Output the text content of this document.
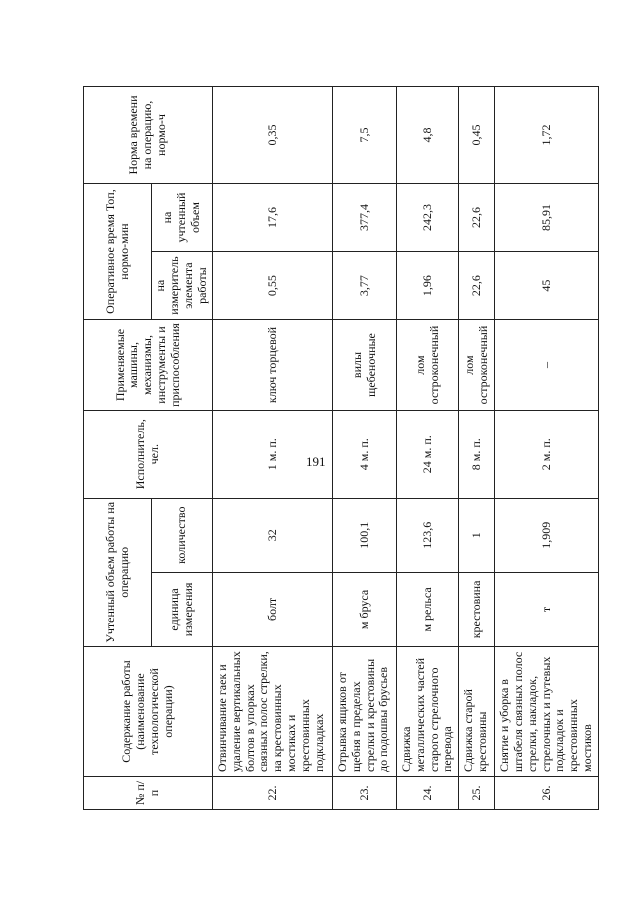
191
№ п/п	Содержание работы (наименование технологической операции)	Учтенный объем работы на операцию		Исполнитель, чел.	Применяемые машины, механизмы, инструменты и приспособления	Оперативное время Топ, нормо-мин		Норма времени на операцию, нормо-ч
		единица измерения	количество			на измеритель элемента работы	на учтенный объем	
22.	Отвинчивание гаек и удаление вертикальных болтов в упорках связных полос стрелки, на крестовинных мостиках и крестовинных подкладках	болт	32	1 м. п.	ключ торцевой	0,55	17,6	0,35
23.	Отрывка ящиков от щебня в пределах стрелки и крестовины до подошвы брусьев	м бруса	100,1	4 м. п.	вилы щебеночные	3,77	377,4	7,5
24.	Сдвижка металлических частей старого стрелочного перевода	м рельса	123,6	24 м. п.	лом остроконечный	1,96	242,3	4,8
25.	Сдвижка старой крестовины	крестовина	1	8 м. п.	лом остроконечный	22,6	22,6	0,45
26.	Снятие и уборка в штабеля связных полос стрелки, накладок, стрелочных и путевых подкладок и крестовинных мостиков	т	1,909	2 м. п.	–	45	85,91	1,72
